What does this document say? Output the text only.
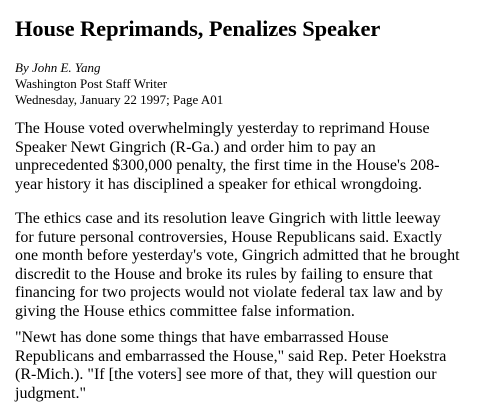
House Reprimands, Penalizes Speaker
By John E. Yang
Washington Post Staff Writer
Wednesday, January 22 1997; Page A01

The House voted overwhelmingly yesterday to reprimand House
Speaker Newt Gingrich (R-Ga.) and order him to pay an
unprecedented $300,000 penalty, the first time in the House's 208-
year history it has disciplined a speaker for ethical wrongdoing.

The ethics case and its resolution leave Gingrich with little leeway
for future personal controversies, House Republicans said. Exactly
one month before yesterday's vote, Gingrich admitted that he brought
discredit to the House and broke its rules by failing to ensure that
financing for two projects would not violate federal tax law and by
giving the House ethics committee false information.

"Newt has done some things that have embarrassed House
Republicans and embarrassed the House," said Rep. Peter Hoekstra
(R-Mich.). "If [the voters] see more of that, they will question our
judgment."
